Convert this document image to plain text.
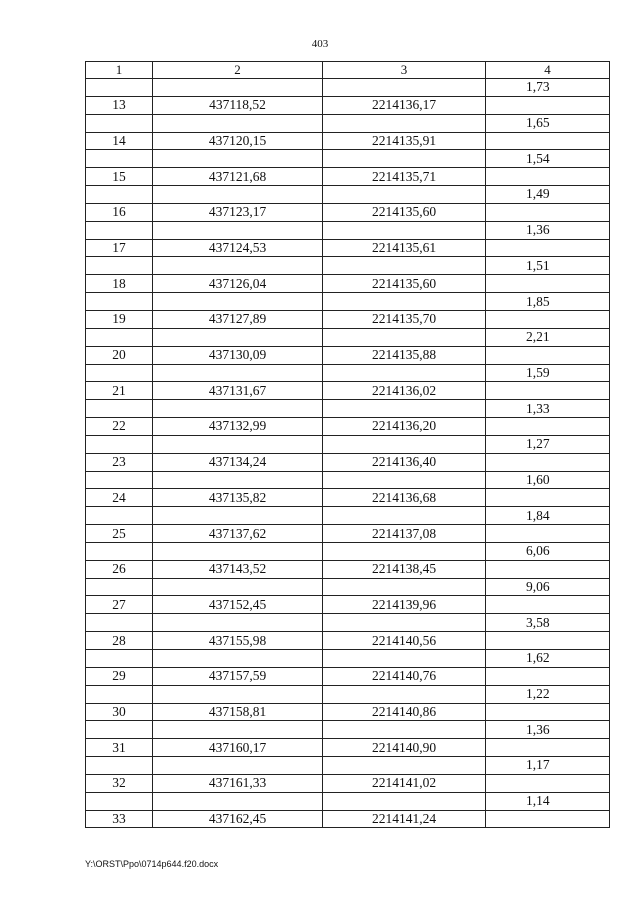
403
1	2	3	4
			1,73
13	437118,52	2214136,17	
			1,65
14	437120,15	2214135,91	
			1,54
15	437121,68	2214135,71	
			1,49
16	437123,17	2214135,60	
			1,36
17	437124,53	2214135,61	
			1,51
18	437126,04	2214135,60	
			1,85
19	437127,89	2214135,70	
			2,21
20	437130,09	2214135,88	
			1,59
21	437131,67	2214136,02	
			1,33
22	437132,99	2214136,20	
			1,27
23	437134,24	2214136,40	
			1,60
24	437135,82	2214136,68	
			1,84
25	437137,62	2214137,08	
			6,06
26	437143,52	2214138,45	
			9,06
27	437152,45	2214139,96	
			3,58
28	437155,98	2214140,56	
			1,62
29	437157,59	2214140,76	
			1,22
30	437158,81	2214140,86	
			1,36
31	437160,17	2214140,90	
			1,17
32	437161,33	2214141,02	
			1,14
33	437162,45	2214141,24	
Y:\ORST\Ppo\0714p644.f20.docx
